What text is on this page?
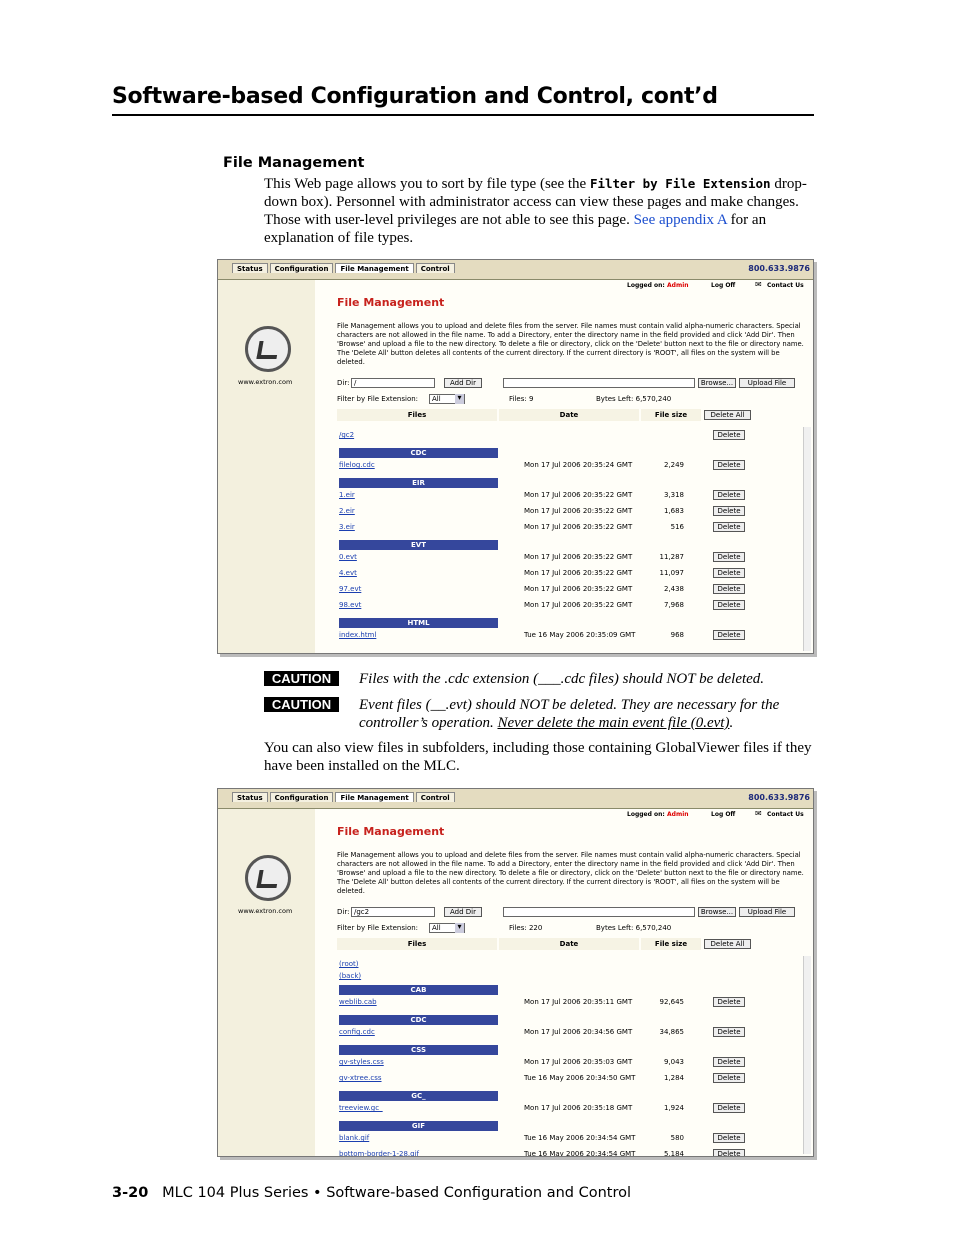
Software-based Configuration and Control, cont’d
File Management
This Web page allows you to sort by file type (see the Filter by File Extension drop-down box). Personnel with administrator access can view these pages and make changes. Those with user-level privileges are not able to see this page. See appendix A for an explanation of file types.
Status	Configuration	File Management	Control	800.633.9876
www.extron.com
Logged on: Admin	Log Off ✉ Contact Us
File Management
File Management allows you to upload and delete files from the server. File names must contain valid alpha-numeric characters. Special characters are not allowed in the file name. To add a Directory, enter the directory name in the field provided and click 'Add Dir'. Then 'Browse' and upload a file to the new directory. To delete a file or directory, click on the 'Delete' button next to the file or directory name. The 'Delete All' button deletes all contents of the current directory. If the current directory is 'ROOT', all files on the system will be deleted.
Dir: /	Add Dir	Browse...	Upload File
Filter by File Extension:	All ▾	Files: 9	Bytes Left: 6,570,240
Files	Date	File size	Delete All
/gc2	Delete
CDC
filelog.cdc	Mon 17 Jul 2006 20:35:24 GMT	2,249	Delete
EIR
1.eir	Mon 17 Jul 2006 20:35:22 GMT	3,318	Delete
2.eir	Mon 17 Jul 2006 20:35:22 GMT	1,683	Delete
3.eir	Mon 17 Jul 2006 20:35:22 GMT	516	Delete
EVT
0.evt	Mon 17 Jul 2006 20:35:22 GMT	11,287	Delete
4.evt	Mon 17 Jul 2006 20:35:22 GMT	11,097	Delete
97.evt	Mon 17 Jul 2006 20:35:22 GMT	2,438	Delete
98.evt	Mon 17 Jul 2006 20:35:22 GMT	7,968	Delete
HTML
index.html	Tue 16 May 2006 20:35:09 GMT	968	Delete
CAUTION	Files with the .cdc extension (___.cdc files) should NOT be deleted.
CAUTION	Event files (__.evt) should NOT be deleted. They are necessary for the controller’s operation. Never delete the main event file (0.evt).
You can also view files in subfolders, including those containing GlobalViewer files if they have been installed on the MLC.
Status	Configuration	File Management	Control	800.633.9876
www.extron.com
Logged on: Admin	Log Off ✉ Contact Us
File Management
File Management allows you to upload and delete files from the server. File names must contain valid alpha-numeric characters. Special characters are not allowed in the file name. To add a Directory, enter the directory name in the field provided and click 'Add Dir'. Then 'Browse' and upload a file to the new directory. To delete a file or directory, click on the 'Delete' button next to the file or directory name. The 'Delete All' button deletes all contents of the current directory. If the current directory is 'ROOT', all files on the system will be deleted.
Dir: /gc2	Add Dir	Browse...	Upload File
Filter by File Extension:	All ▾	Files: 220	Bytes Left: 6,570,240
Files	Date	File size	Delete All
(root)
(back)
CAB
weblib.cab	Mon 17 Jul 2006 20:35:11 GMT	92,645	Delete
CDC
config.cdc	Mon 17 Jul 2006 20:34:56 GMT	34,865	Delete
CSS
gv-styles.css	Mon 17 Jul 2006 20:35:03 GMT	9,043	Delete
gv-xtree.css	Tue 16 May 2006 20:34:50 GMT	1,284	Delete
GC_
treeview.gc_	Mon 17 Jul 2006 20:35:18 GMT	1,924	Delete
GIF
blank.gif	Tue 16 May 2006 20:34:54 GMT	580	Delete
bottom-border-1-28.gif	Tue 16 May 2006 20:34:54 GMT	5,184	Delete
3-20 MLC 104 Plus Series • Software-based Configuration and Control
